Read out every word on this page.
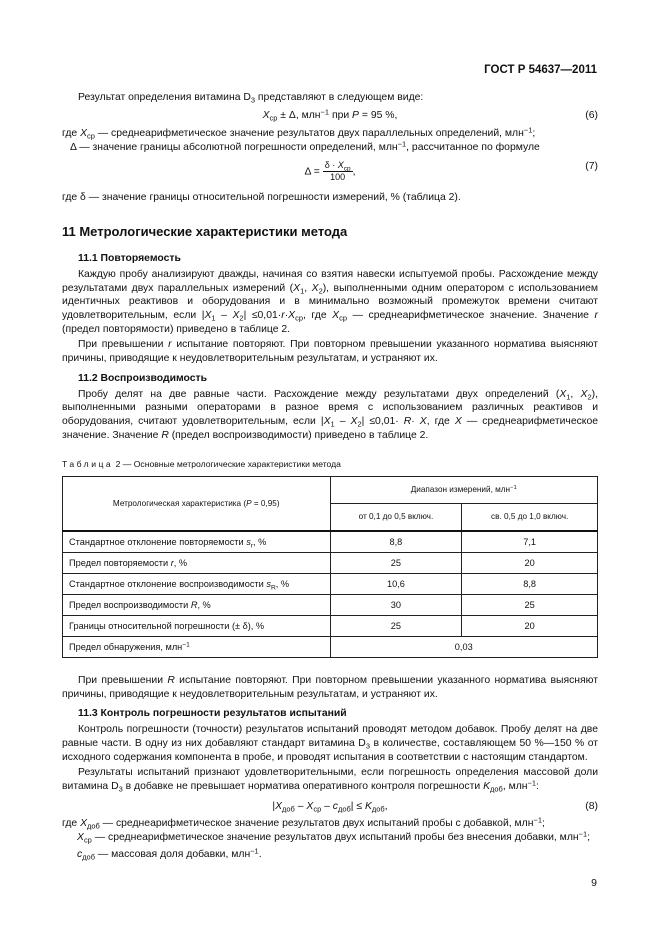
ГОСТ Р 54637—2011

Результат определения витамина $D_3$ представляют в следующем виде:

$X_{ср} \pm \Delta$, млн$^{-1}$ при P = 95 %,	(6)

где $X_{ср}$ — среднеарифметическое значение результатов двух параллельных определений, млн$^{-1}$;

Δ — значение границы абсолютной погрешности определений, млн$^{-1}$, рассчитанное по формуле

$\Delta = \frac{\delta \cdot X_{ср}}{100}$ ,	(7)

где δ — значение границы относительной погрешности измерений, % (таблица 2).

11 Метрологические характеристики метода
11.1 Повторяемость

Каждую пробу анализируют дважды, начиная со взятия навески испытуемой пробы. Расхождение между результатами двух параллельных измерений ($X_1$, $X_2$), выполненными одним оператором с использованием идентичных реактивов и оборудования и в минимально возможный промежуток времени считают удовлетворительным, если $|X_1 - X_2| \le 0,01\cdot r\cdot X_{ср}$, где $X_{ср}$ — среднеарифметическое значение. Значение r (предел повторямости) приведено в таблице 2.

При превышении r испытание повторяют. При повторном превышении указанного норматива выясняют причины, приводящие к неудовлетворительным результатам, и устраняют их.

11.2 Воспроизводимость

Пробу делят на две равные части. Расхождение между результатами двух определений ($X_1$, $X_2$), выполненными разными операторами в разное время с использованием различных реактивов и оборудования, считают удовлетворительным, если $|X_1 - X_2| \le 0,01\cdot R\cdot X$, где X — среднеарифметическое значение. Значение R (предел воспроизводимости) приведено в таблице 2.

Таблица 2 — Основные метрологические характеристики метода
Метрологическая характеристика (P = 0,95)	Диапазон измерений, млн$^{-1}$
	от 0,1 до 0,5 включ.	св. 0,5 до 1,0 включ.
Стандартное отклонение повторяемости $s_r$, %	8,8	7,1
Предел повторяемости r, %	25	20
Стандартное отклонение воспроизводимости $s_R$, %	10,6	8,8
Предел воспроизводимости R, %	30	25
Границы относительной погрешности (± δ), %	25	20
Предел обнаружения, млн$^{-1}$	0,03	

При превышении R испытание повторяют. При повторном превышении указанного норматива выясняют причины, приводящие к неудовлетворительным результатам, и устраняют их.

11.3 Контроль погрешности результатов испытаний

Контроль погрешности (точности) результатов испытаний проводят методом добавок. Пробу делят на две равные части. В одну из них добавляют стандарт витамина $D_3$ в количестве, составляющем 50 %—150 % от исходного содержания компонента в пробе, и проводят испытания в соответствии с настоящим стандартом.

Результаты испытаний признают удовлетворительными, если погрешность определения массовой доли витамина $D_3$ в добавке не превышает норматива оперативного контроля погрешности $K_{доб}$, млн$^{-1}$:

$|X_{доб} - X_{ср} - c_{доб}| \le K_{доб}$,	(8)

где $X_{доб}$ — среднеарифметическое значение результатов двух испытаний пробы с добавкой, млн$^{-1}$;

$X_{ср}$ — среднеарифметическое значение результатов двух испытаний пробы без внесения добавки, млн$^{-1}$;

$c_{доб}$ — массовая доля добавки, млн$^{-1}$.

9
